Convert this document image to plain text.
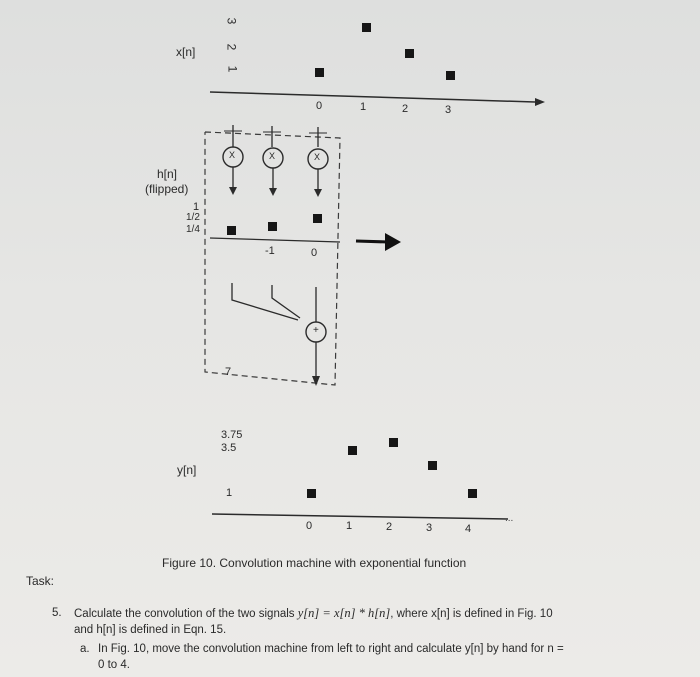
...
x[n]
3
2
1
0	1	2	3
X	X	X
+
h[n]
(flipped)
1
1/2
1/4
-1	0
7
3.75
3.5
1
y[n]
0	1	2	3	4
Figure 10. Convolution machine with exponential function
Task:
5. Calculate the convolution of the two signals y[n] = x[n] * h[n], where x[n] is defined in Fig. 10
and h[n] is defined in Eqn. 15.
a. In Fig. 10, move the convolution machine from left to right and calculate y[n] by hand for n =
0 to 4.
